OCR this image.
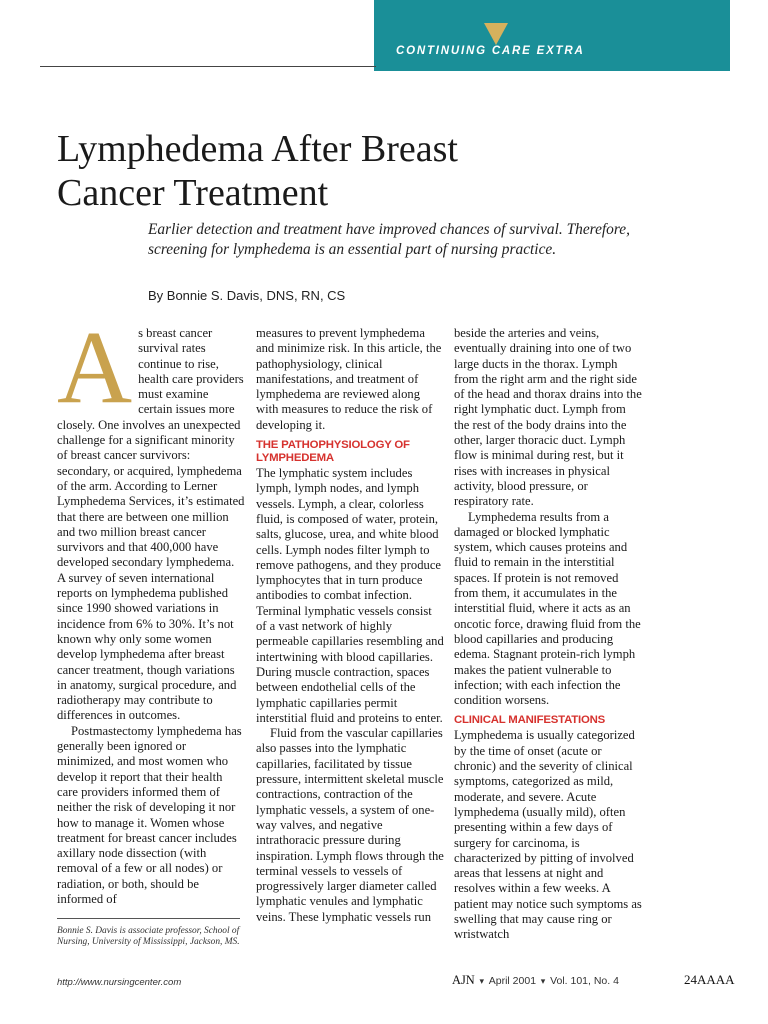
CONTINUING CARE EXTRA
Lymphedema After Breast
Cancer Treatment
Earlier detection and treatment have improved chances of survival. Therefore, screening for lymphedema is an essential part of nursing practice.
By Bonnie S. Davis, DNS, RN, CS

As breast cancer survival rates continue to rise, health care providers must examine certain issues more closely. One involves an unexpected challenge for a significant minority of breast cancer survivors: secondary, or acquired, lymphedema of the arm. According to Lerner Lymphedema Services, it’s estimated that there are between one million and two million breast cancer survivors and that 400,000 have developed secondary lymphedema. A survey of seven international reports on lymphedema published since 1990 showed variations in incidence from 6% to 30%. It’s not known why only some women develop lymphedema after breast cancer treatment, though variations in anatomy, surgical procedure, and radiotherapy may contribute to differences in outcomes.

Postmastectomy lymphedema has generally been ignored or minimized, and most women who develop it report that their health care providers informed them of neither the risk of developing it nor how to manage it. Women whose treatment for breast cancer includes axillary node dissection (with removal of a few or all nodes) or radiation, or both, should be informed of

measures to prevent lymphedema and minimize risk. In this article, the pathophysiology, clinical manifestations, and treatment of lymphedema are reviewed along with measures to reduce the risk of developing it.

THE PATHOPHYSIOLOGY OF LYMPHEDEMA

The lymphatic system includes lymph, lymph nodes, and lymph vessels. Lymph, a clear, colorless fluid, is composed of water, protein, salts, glucose, urea, and white blood cells. Lymph nodes filter lymph to remove pathogens, and they produce lymphocytes that in turn produce antibodies to combat infection. Terminal lymphatic vessels consist of a vast network of highly permeable capillaries resembling and intertwining with blood capillaries. During muscle contraction, spaces between endothelial cells of the lymphatic capillaries permit interstitial fluid and proteins to enter.

Fluid from the vascular capillaries also passes into the lymphatic capillaries, facilitated by tissue pressure, intermittent skeletal muscle contractions, contraction of the lymphatic vessels, a system of one-way valves, and negative intrathoracic pressure during inspiration. Lymph flows through the terminal vessels to vessels of progressively larger diameter called lymphatic venules and lymphatic veins. These lymphatic vessels run

beside the arteries and veins, eventually draining into one of two large ducts in the thorax. Lymph from the right arm and the right side of the head and thorax drains into the right lymphatic duct. Lymph from the rest of the body drains into the other, larger thoracic duct. Lymph flow is minimal during rest, but it rises with increases in physical activity, blood pressure, or respiratory rate.

Lymphedema results from a damaged or blocked lymphatic system, which causes proteins and fluid to remain in the interstitial spaces. If protein is not removed from them, it accumulates in the interstitial fluid, where it acts as an oncotic force, drawing fluid from the blood capillaries and producing edema. Stagnant protein-rich lymph makes the patient vulnerable to infection; with each infection the condition worsens.

CLINICAL MANIFESTATIONS

Lymphedema is usually categorized by the time of onset (acute or chronic) and the severity of clinical symptoms, categorized as mild, moderate, and severe. Acute lymphedema (usually mild), often presenting within a few days of surgery for carcinoma, is characterized by pitting of involved areas that lessens at night and resolves within a few weeks. A patient may notice such symptoms as swelling that may cause ring or wristwatch

Bonnie S. Davis is associate professor, School of Nursing, University of Mississippi, Jackson, MS.
http://www.nursingcenter.com	AJN ▾ April 2001 ▾ Vol. 101, No. 4	24AAAA
